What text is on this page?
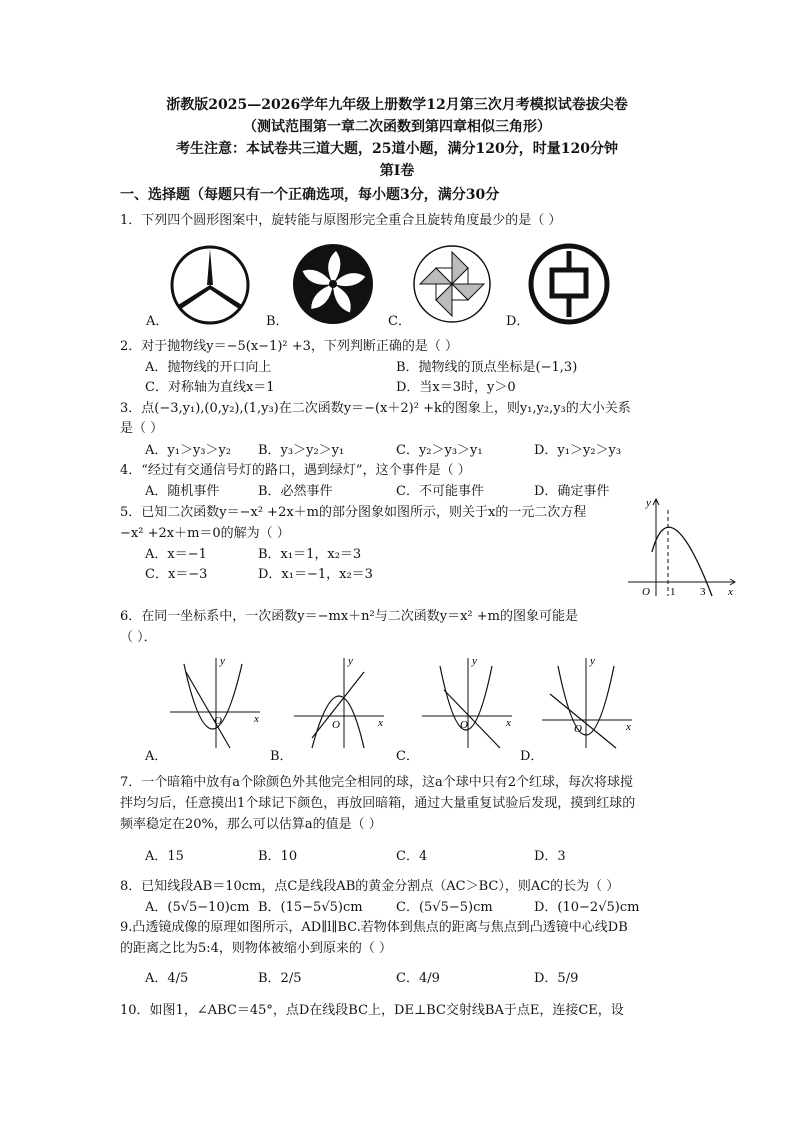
浙教版2025—2026学年九年级上册数学12月第三次月考模拟试卷拔尖卷
（测试范围第一章二次函数到第四章相似三角形）
考生注意：本试卷共三道大题，25道小题，满分120分，时量120分钟
第Ⅰ卷
一、选择题（每题只有一个正确选项，每小题3分，满分30分
1．下列四个圆形图案中，旋转能与原图形完全重合且旋转角度最少的是（ ）
A．	B．	C．	D．
2．对于抛物线y＝−5(x−1)² +3，下列判断正确的是（ ）
A．抛物线的开口向上	B．抛物线的顶点坐标是(−1,3)
C．对称轴为直线x＝1	D．当x＝3时，y＞0
3．点(−3,y₁),(0,y₂),(1,y₃)在二次函数y＝−(x＋2)² +k的图象上，则y₁,y₂,y₃的大小关系
是（ ）
A．y₁＞y₃＞y₂ B．y₃＞y₂＞y₁	C．y₂＞y₃＞y₁	D．y₁＞y₂＞y₃
4．“经过有交通信号灯的路口，遇到绿灯”，这个事件是（ ）
A．随机事件	B．必然事件	C．不可能事件	D．确定事件
5．已知二次函数y＝−x² +2x＋m的部分图象如图所示，则关于x的一元二次方程
−x² +2x＋m＝0的解为（ ）
A．x＝−1	B．x₁＝1，x₂＝3
C．x＝−3	D．x₁＝−1，x₂＝3
y
x
O 1 3
6．在同一坐标系中，一次函数y＝−mx＋n²与二次函数y＝x² +m的图象可能是
（ ）．
y
x
O
A．
y
x
O
B．
y
x
O
C．
y
x
O
D．
7．一个暗箱中放有a个除颜色外其他完全相同的球，这a个球中只有2个红球，每次将球搅
拌均匀后，任意摸出1个球记下颜色，再放回暗箱，通过大量重复试验后发现，摸到红球的
频率稳定在20%，那么可以估算a的值是（ ）
A．15	B．10	C．4	D．3
8．已知线段AB＝10cm，点C是线段AB的黄金分割点（AC＞BC），则AC的长为（ ）
A．(5√5−10)cm B．(15−5√5)cm	C．(5√5−5)cm	D．(10−2√5)cm
9.凸透镜成像的原理如图所示，AD∥l∥BC.若物体到焦点的距离与焦点到凸透镜中心线DB
的距离之比为5:4，则物体被缩小到原来的（ ）
A．4/5	B．2/5	C．4/9	D．5/9
10．如图1，∠ABC＝45°，点D在线段BC上，DE⊥BC交射线BA于点E，连接CE，设
